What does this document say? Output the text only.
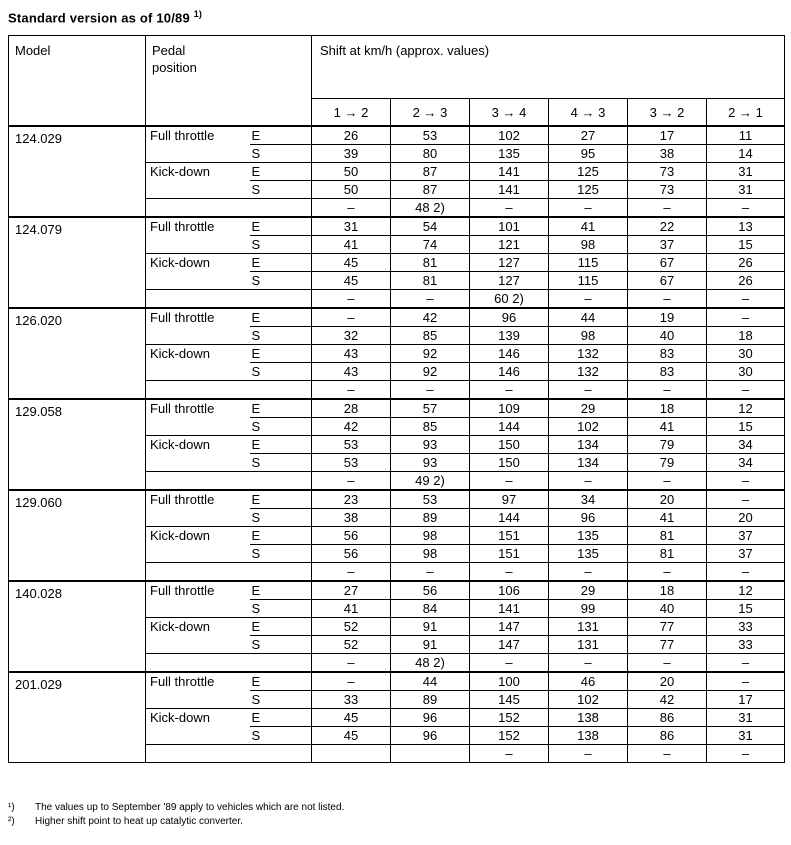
Standard version as of 10/89 $^{1)}$
Model	Pedal position		Shift at km/h (approx. values)					
			1 → 2	2 → 3	3 → 4	4 → 3	3 → 2	2 → 1
124.029	Full throttle	E	26	53	102	27	17	11
		S	39	80	135	95	38	14
	Kick-down	E	50	87	141	125	73	31
		S	50	87	141	125	73	31
			–	48 2)	–	–	–	–
124.079	Full throttle	E	31	54	101	41	22	13
		S	41	74	121	98	37	15
	Kick-down	E	45	81	127	115	67	26
		S	45	81	127	115	67	26
			–	–	60 2)	–	–	–
126.020	Full throttle	E	–	42	96	44	19	–
		S	32	85	139	98	40	18
	Kick-down	E	43	92	146	132	83	30
		S	43	92	146	132	83	30
			–	–	–	–	–	–
129.058	Full throttle	E	28	57	109	29	18	12
		S	42	85	144	102	41	15
	Kick-down	E	53	93	150	134	79	34
		S	53	93	150	134	79	34
			–	49 2)	–	–	–	–
129.060	Full throttle	E	23	53	97	34	20	–
		S	38	89	144	96	41	20
	Kick-down	E	56	98	151	135	81	37
		S	56	98	151	135	81	37
			–	–	–	–	–	–
140.028	Full throttle	E	27	56	106	29	18	12
		S	41	84	141	99	40	15
	Kick-down	E	52	91	147	131	77	33
		S	52	91	147	131	77	33
			–	48 2)	–	–	–	–
201.029	Full throttle	E	–	44	100	46	20	–
		S	33	89	145	102	42	17
	Kick-down	E	45	96	152	138	86	31
		S	45	96	152	138	86	31
					–	–	–	–
¹)	The values up to September '89 apply to vehicles which are not listed.
²)	Higher shift point to heat up catalytic converter.
